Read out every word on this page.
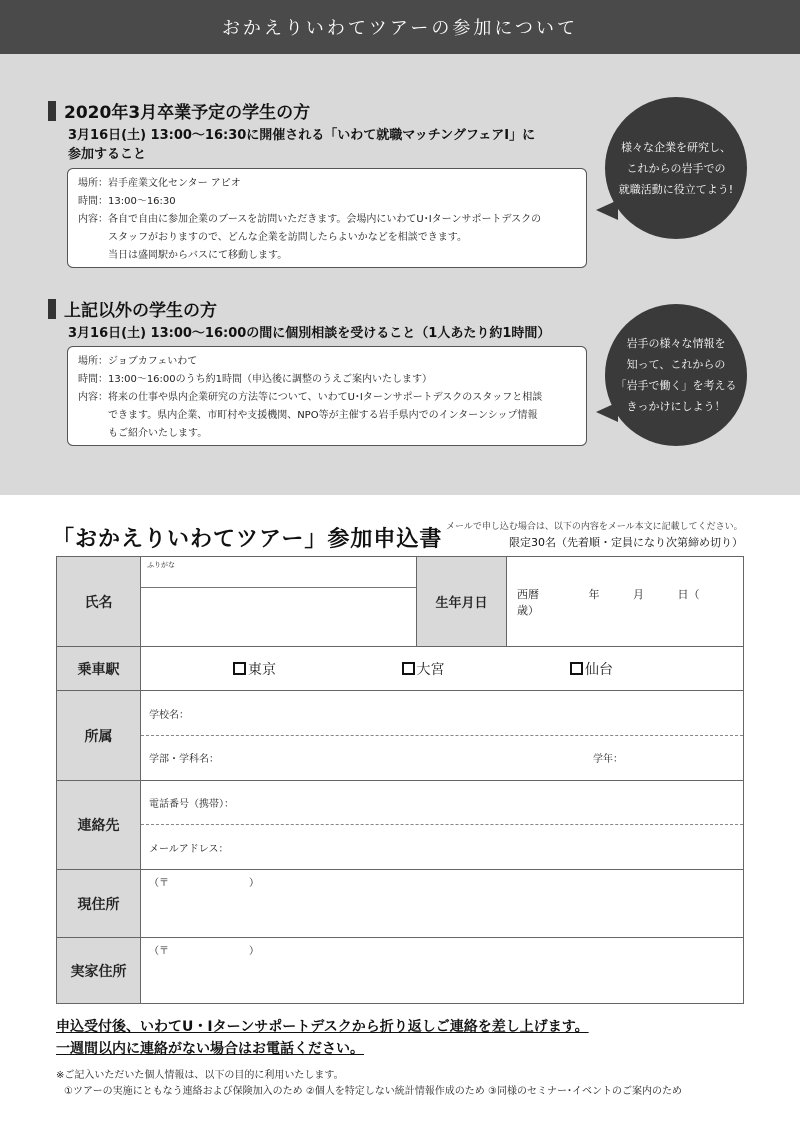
おかえりいわてツアーの参加について
2020年3月卒業予定の学生の方
3月16日(土) 13:00〜16:30に開催される「いわて就職マッチングフェアⅠ」に
参加すること
場所： 岩手産業文化センター アピオ
時間： 13:00〜16:30
内容： 各自で自由に参加企業のブースを訪問いただきます。会場内にいわてU･Iターンサポートデスクの
スタッフがおりますので、どんな企業を訪問したらよいかなどを相談できます。
当日は盛岡駅からバスにて移動します。
様々な企業を研究し、
これからの岩手での
就職活動に役立てよう!
上記以外の学生の方
3月16日(土) 13:00〜16:00の間に個別相談を受けること（1人あたり約1時間）
場所： ジョブカフェいわて
時間： 13:00〜16:00のうち約1時間（申込後に調整のうえご案内いたします）
内容： 将来の仕事や県内企業研究の方法等について、いわてU･Iターンサポートデスクのスタッフと相談
できます。県内企業、市町村や支援機関、NPO等が主催する岩手県内でのインターンシップ情報
もご紹介いたします。
岩手の様々な情報を
知って、これからの
「岩手で働く」を考える
きっかけにしよう！
「おかえりいわてツアー」参加申込書 メールで申し込む場合は、以下の内容をメール本文に記載してください。
限定30名（先着順・定員になり次第締め切り）
氏名	ふりがな	生年月日	西暦 年 月 日（ 歳）
乗車駅	東京 大宮 仙台		

所属	学校名：
学部・学科名： 学年：		

連絡先	電話番号（携帯）：
メールアドレス：		

現住所	（〒　　　　　　　　）		
実家住所	（〒　　　　　　　　）		
申込受付後、いわてU・Iターンサポートデスクから折り返しご連絡を差し上げます。
一週間以内に連絡がない場合はお電話ください。
※ご記入いただいた個人情報は、以下の目的に利用いたします。
①ツアーの実施にともなう連絡および保険加入のため ②個人を特定しない統計情報作成のため ③同様のセミナー･イベントのご案内のため
